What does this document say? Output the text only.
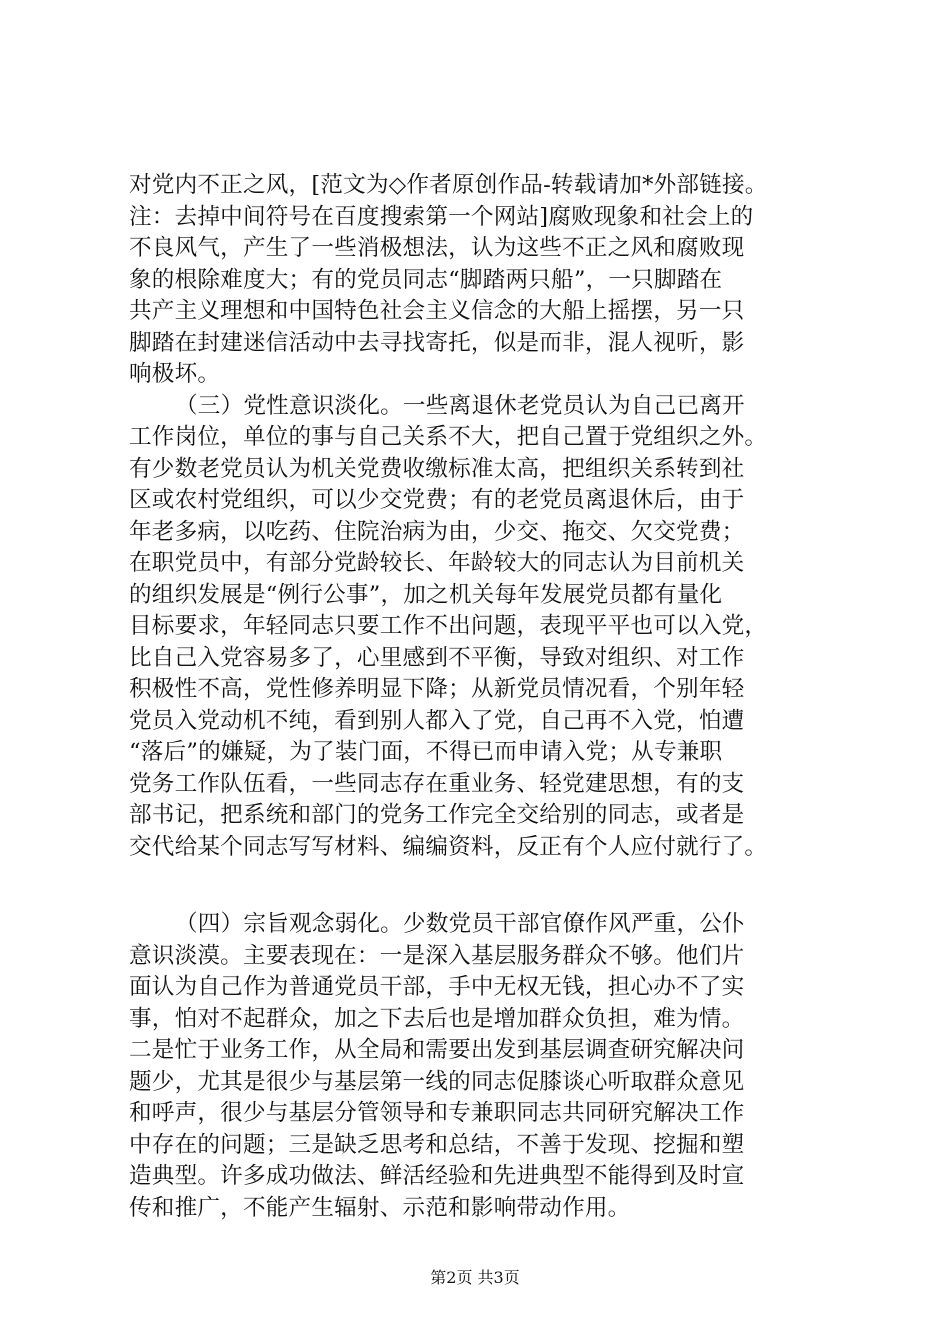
对党内不正之风，[范文为◇作者原创作品-转载请加*外部链接。
注：去掉中间符号在百度搜索第一个网站]腐败现象和社会上的
不良风气，产生了一些消极想法，认为这些不正之风和腐败现
象的根除难度大；有的党员同志“脚踏两只船”，一只脚踏在
共产主义理想和中国特色社会主义信念的大船上摇摆，另一只
脚踏在封建迷信活动中去寻找寄托，似是而非，混人视听，影
响极坏。
（三）党性意识淡化。一些离退休老党员认为自己已离开
工作岗位，单位的事与自己关系不大，把自己置于党组织之外。
有少数老党员认为机关党费收缴标准太高，把组织关系转到社
区或农村党组织，可以少交党费；有的老党员离退休后，由于
年老多病，以吃药、住院治病为由，少交、拖交、欠交党费；
在职党员中，有部分党龄较长、年龄较大的同志认为目前机关
的组织发展是“例行公事”，加之机关每年发展党员都有量化
目标要求，年轻同志只要工作不出问题，表现平平也可以入党，
比自己入党容易多了，心里感到不平衡，导致对组织、对工作
积极性不高，党性修养明显下降；从新党员情况看，个别年轻
党员入党动机不纯，看到别人都入了党，自己再不入党，怕遭
“落后”的嫌疑，为了装门面，不得已而申请入党；从专兼职
党务工作队伍看，一些同志存在重业务、轻党建思想，有的支
部书记，把系统和部门的党务工作完全交给别的同志，或者是
交代给某个同志写写材料、编编资料，反正有个人应付就行了。
（四）宗旨观念弱化。少数党员干部官僚作风严重，公仆
意识淡漠。主要表现在：一是深入基层服务群众不够。他们片
面认为自己作为普通党员干部，手中无权无钱，担心办不了实
事，怕对不起群众，加之下去后也是增加群众负担，难为情。
二是忙于业务工作，从全局和需要出发到基层调查研究解决问
题少，尤其是很少与基层第一线的同志促膝谈心听取群众意见
和呼声，很少与基层分管领导和专兼职同志共同研究解决工作
中存在的问题；三是缺乏思考和总结，不善于发现、挖掘和塑
造典型。许多成功做法、鲜活经验和先进典型不能得到及时宣
传和推广，不能产生辐射、示范和影响带动作用。
第2页 共3页
